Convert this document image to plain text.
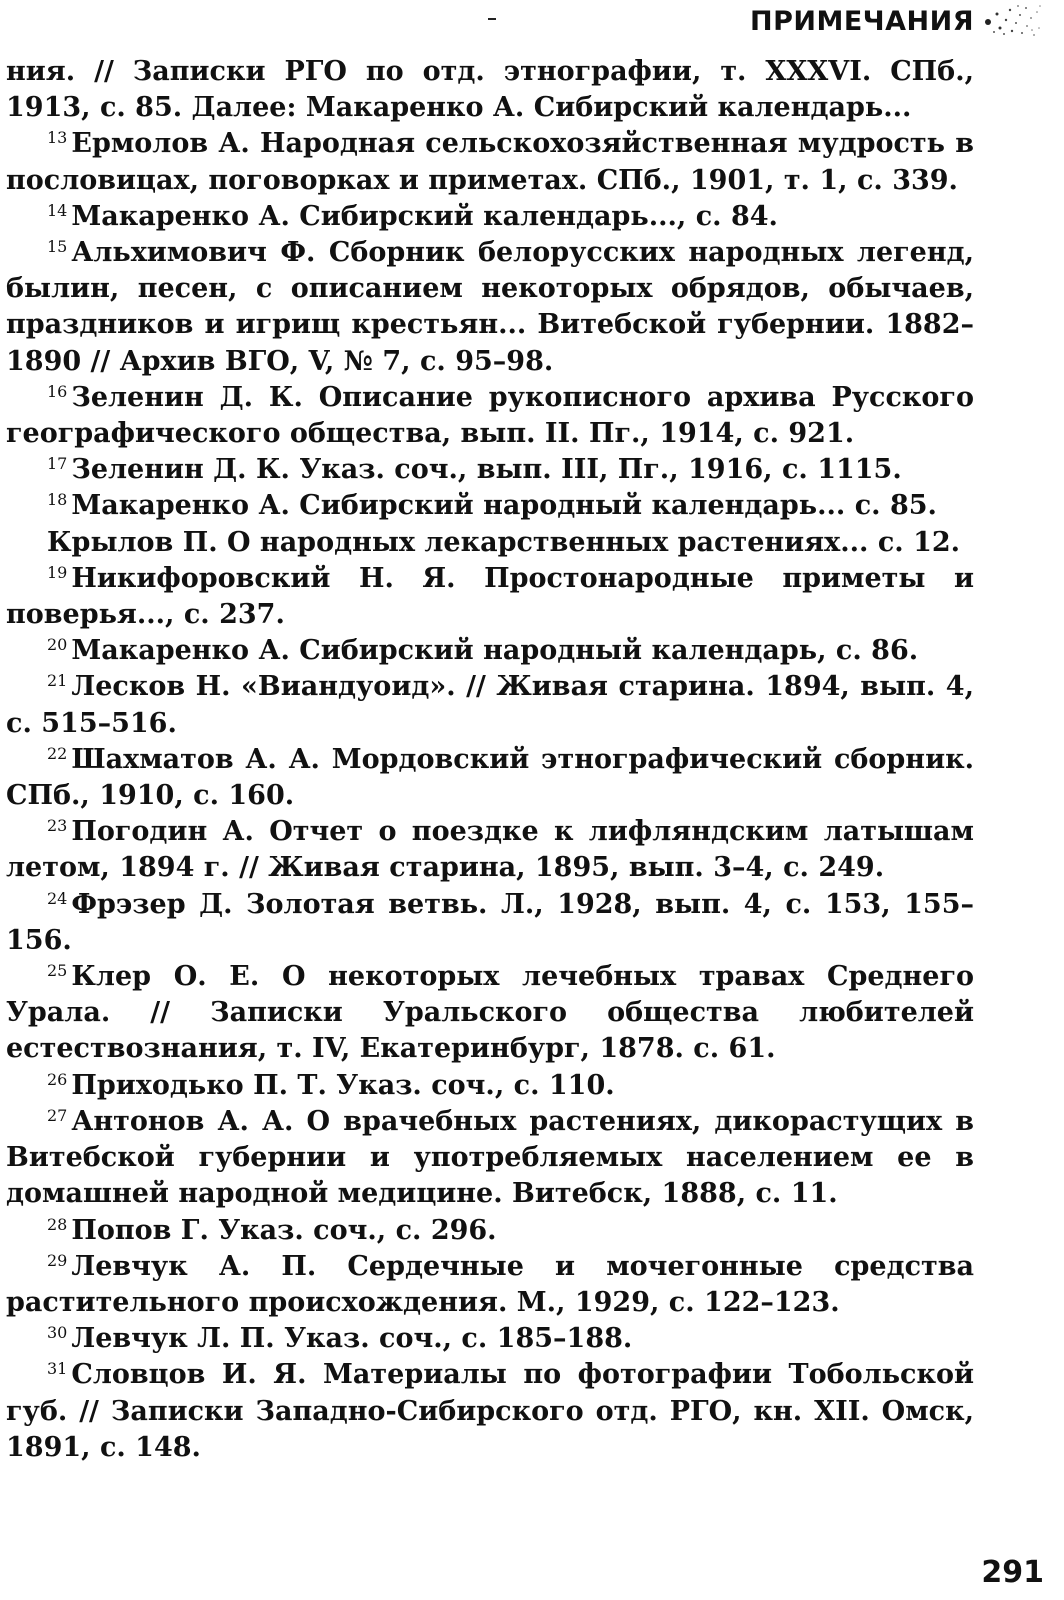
ПРИМЕЧАНИЯ

ния. // Записки РГО по отд. этнографии, т. XXXVI. СПб., 1913, с. 85. Далее: Макаренко А. Сибирский календарь...

$^{13}$ Ермолов А. Народная сельскохозяйственная мудрость в пословицах, поговорках и приметах. СПб., 1901, т. 1, с. 339.

$^{14}$ Макаренко А. Сибирский календарь..., с. 84.

$^{15}$ Альхимович Ф. Сборник белорусских народных легенд, былин, песен, с описанием некоторых обрядов, обычаев, праздников и игрищ крестьян... Витебской губернии. 1882–1890 // Архив ВГО, V, № 7, с. 95–98.

$^{16}$ Зеленин Д. К. Описание рукописного архива Русского географического общества, вып. II. Пг., 1914, с. 921.

$^{17}$ Зеленин Д. К. Указ. соч., вып. III, Пг., 1916, с. 1115.

$^{18}$ Макаренко А. Сибирский народный календарь... с. 85.

Крылов П. О народных лекарственных растениях... с. 12.

$^{19}$ Никифоровский Н. Я. Простонародные приметы и поверья..., с. 237.

$^{20}$ Макаренко А. Сибирский народный календарь, с. 86.

$^{21}$ Лесков Н. «Виандуоид». // Живая старина. 1894, вып. 4, с. 515–516.

$^{22}$ Шахматов А. А. Мордовский этнографический сборник. СПб., 1910, с. 160.

$^{23}$ Погодин А. Отчет о поездке к лифляндским латышам летом, 1894 г. // Живая старина, 1895, вып. 3–4, с. 249.

$^{24}$ Фрэзер Д. Золотая ветвь. Л., 1928, вып. 4, с. 153, 155–156.

$^{25}$ Клер О. Е. О некоторых лечебных травах Среднего Урала. // Записки Уральского общества любителей естествознания, т. IV, Екатеринбург, 1878. с. 61.

$^{26}$ Приходько П. Т. Указ. соч., с. 110.

$^{27}$ Антонов А. А. О врачебных растениях, дикорастущих в Витебской губернии и употребляемых населением ее в домашней народной медицине. Витебск, 1888, с. 11.

$^{28}$ Попов Г. Указ. соч., с. 296.

$^{29}$ Левчук А. П. Сердечные и мочегонные средства растительного происхождения. М., 1929, с. 122–123.

$^{30}$ Левчук Л. П. Указ. соч., с. 185–188.

$^{31}$ Словцов И. Я. Материалы по фотографии Тобольской губ. // Записки Западно-Сибирского отд. РГО, кн. XII. Омск, 1891, с. 148.

291
